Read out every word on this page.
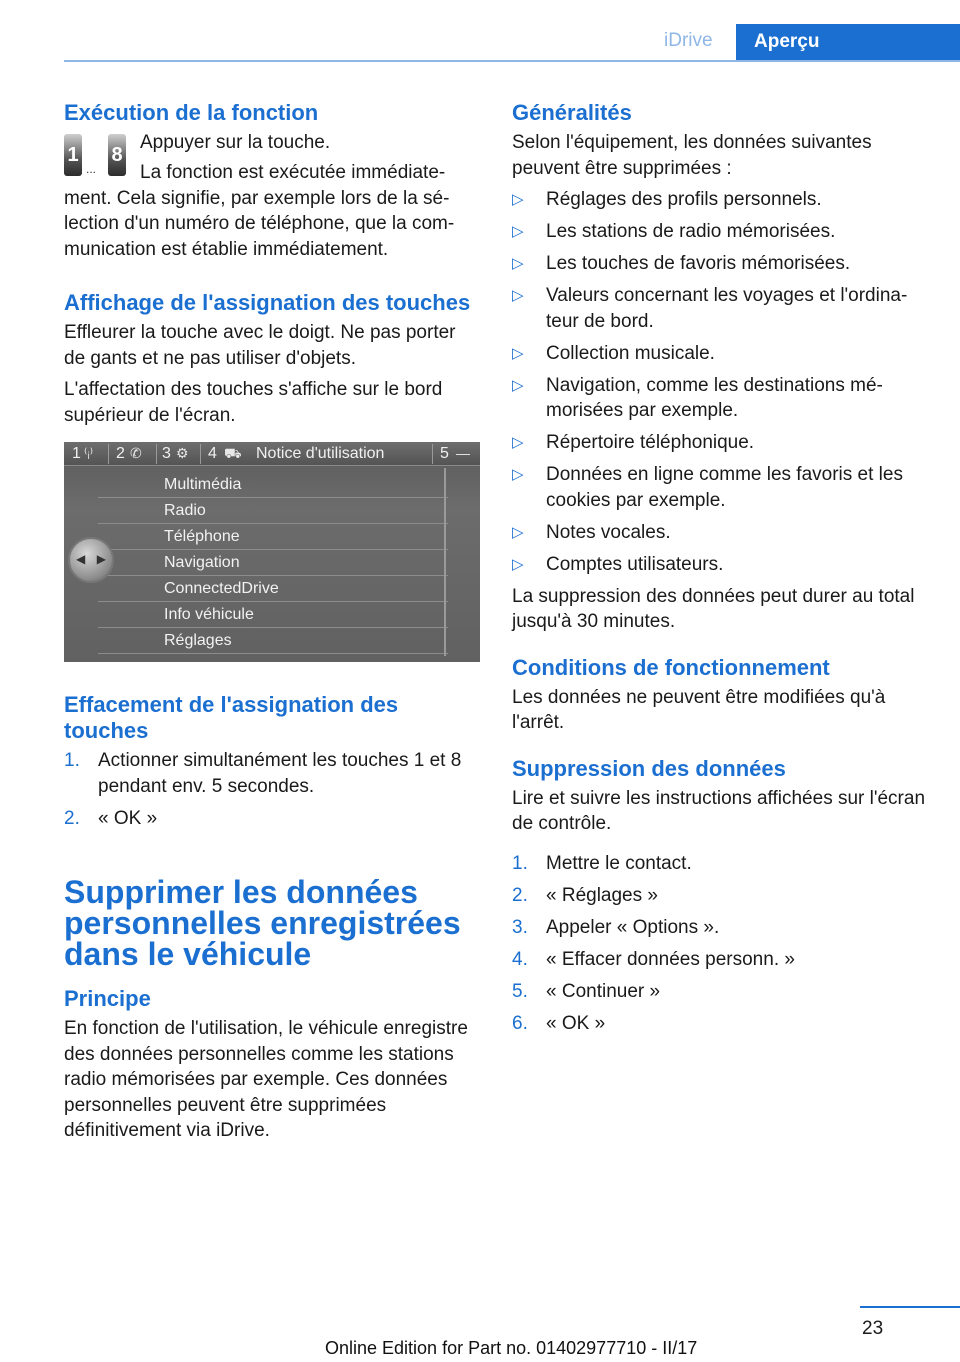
iDrive	Aperçu
Exécution de la fonction
1
...
8

Appuyer sur la touche.

La fonction est exécutée immédiatement. Cela signifie, par exemple lors de la sélection d'un numéro de téléphone, que la communication est établie immédiatement.

Affichage de l'assignation des touches

Effleurer la touche avec le doigt. Ne pas porter de gants et ne pas utiliser d'objets.

L'affectation des touches s'affiche sur le bord supérieur de l'écran.

1 ⁽ᵢ⁾ 2 ✆ 3 ⚙ 4 ⛟ Notice d'utilisation	5 —
Multimédia
Radio
Téléphone
Navigation
ConnectedDrive
Info véhicule
Réglages
◀ ▶
Effacement de l'assignation des touches
1. Actionner simultanément les touches 1 et 8 pendant env. 5 secondes.
2. « OK »
Supprimer les données personnelles enregistrées dans le véhicule
Principe

En fonction de l'utilisation, le véhicule enregistre des données personnelles comme les stations radio mémorisées par exemple. Ces données personnelles peuvent être supprimées définitivement via iDrive.

Généralités

Selon l'équipement, les données suivantes peuvent être supprimées :

▷ Réglages des profils personnels.
▷ Les stations de radio mémorisées.
▷ Les touches de favoris mémorisées.
▷ Valeurs concernant les voyages et l'ordinateur de bord.
▷ Collection musicale.
▷ Navigation, comme les destinations mémorisées par exemple.
▷ Répertoire téléphonique.
▷ Données en ligne comme les favoris et les cookies par exemple.
▷ Notes vocales.
▷ Comptes utilisateurs.

La suppression des données peut durer au total jusqu'à 30 minutes.

Conditions de fonctionnement

Les données ne peuvent être modifiées qu'à l'arrêt.

Suppression des données

Lire et suivre les instructions affichées sur l'écran de contrôle.

1. Mettre le contact.
2. « Réglages »
3. Appeler « Options ».
4. « Effacer données personn. »
5. « Continuer »
6. « OK »
23
Online Edition for Part no. 01402977710 - II/17
